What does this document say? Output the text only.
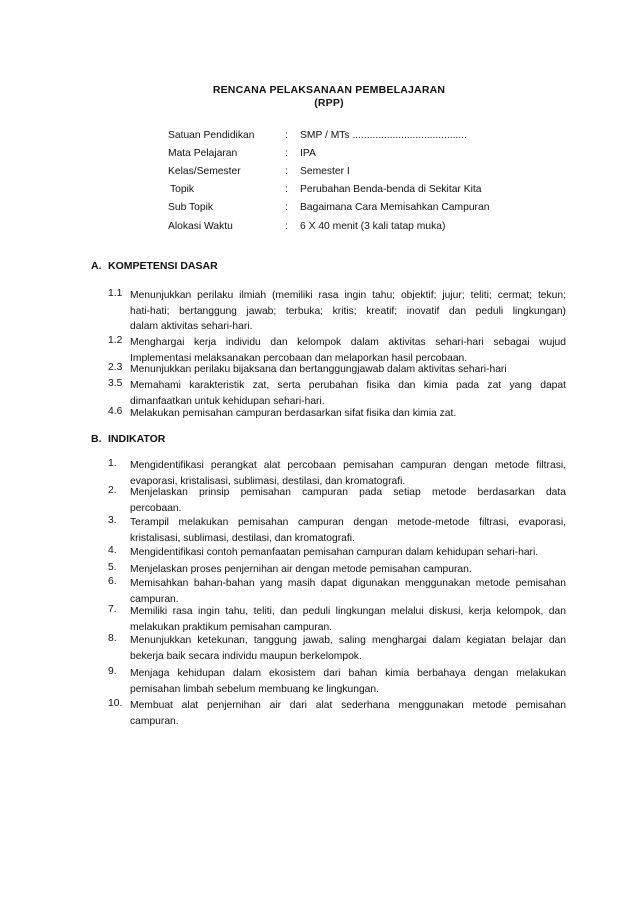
RENCANA PELAKSANAAN PEMBELAJARAN
(RPP)
Satuan Pendidikan	: SMP / MTs ........................................
Mata Pelajaran	: IPA
Kelas/Semester	: Semester I
Topik	: Perubahan Benda-benda di Sekitar Kita
Sub Topik	: Bagaimana Cara Memisahkan Campuran
Alokasi Waktu	: 6 X 40 menit (3 kali tatap muka)
A. KOMPETENSI DASAR
1.1 Menunjukkan perilaku ilmiah (memiliki rasa ingin tahu; objektif; jujur; teliti; cermat; tekun;
hati-hati; bertanggung jawab; terbuka; kritis; kreatif; inovatif dan peduli lingkungan)
dalam aktivitas sehari-hari.
1.2 Menghargai kerja individu dan kelompok dalam aktivitas sehari-hari sebagai wujud
Implementasi melaksanakan percobaan dan melaporkan hasil percobaan.
2.3 Menunjukkan perilaku bijaksana dan bertanggungjawab dalam aktivitas sehari-hari
3.5 Memahami karakteristik zat, serta perubahan fisika dan kimia pada zat yang dapat
dimanfaatkan untuk kehidupan sehari-hari.
4.6 Melakukan pemisahan campuran berdasarkan sifat fisika dan kimia zat.
B. INDIKATOR
1. Mengidentifikasi perangkat alat percobaan pemisahan campuran dengan metode filtrasi,
evaporasi, kristalisasi, sublimasi, destilasi, dan kromatografi.
2. Menjelaskan prinsip pemisahan campuran pada setiap metode berdasarkan data
percobaan.
3. Terampil melakukan pemisahan campuran dengan metode-metode filtrasi, evaporasi,
kristalisasi, sublimasi, destilasi, dan kromatografi.
4. Mengidentifikasi contoh pemanfaatan pemisahan campuran dalam kehidupan sehari-hari.
5. Menjelaskan proses penjernihan air dengan metode pemisahan campuran.
6. Memisahkan bahan-bahan yang masih dapat digunakan menggunakan metode pemisahan
campuran.
7. Memiliki rasa ingin tahu, teliti, dan peduli lingkungan melalui diskusi, kerja kelompok, dan
melakukan praktikum pemisahan campuran.
8. Menunjukkan ketekunan, tanggung jawab, saling menghargai dalam kegiatan belajar dan
bekerja baik secara individu maupun berkelompok.
9. Menjaga kehidupan dalam ekosistem dari bahan kimia berbahaya dengan melakukan
pemisahan limbah sebelum membuang ke lingkungan.
10. Membuat alat penjernihan air dari alat sederhana menggunakan metode pemisahan
campuran.
